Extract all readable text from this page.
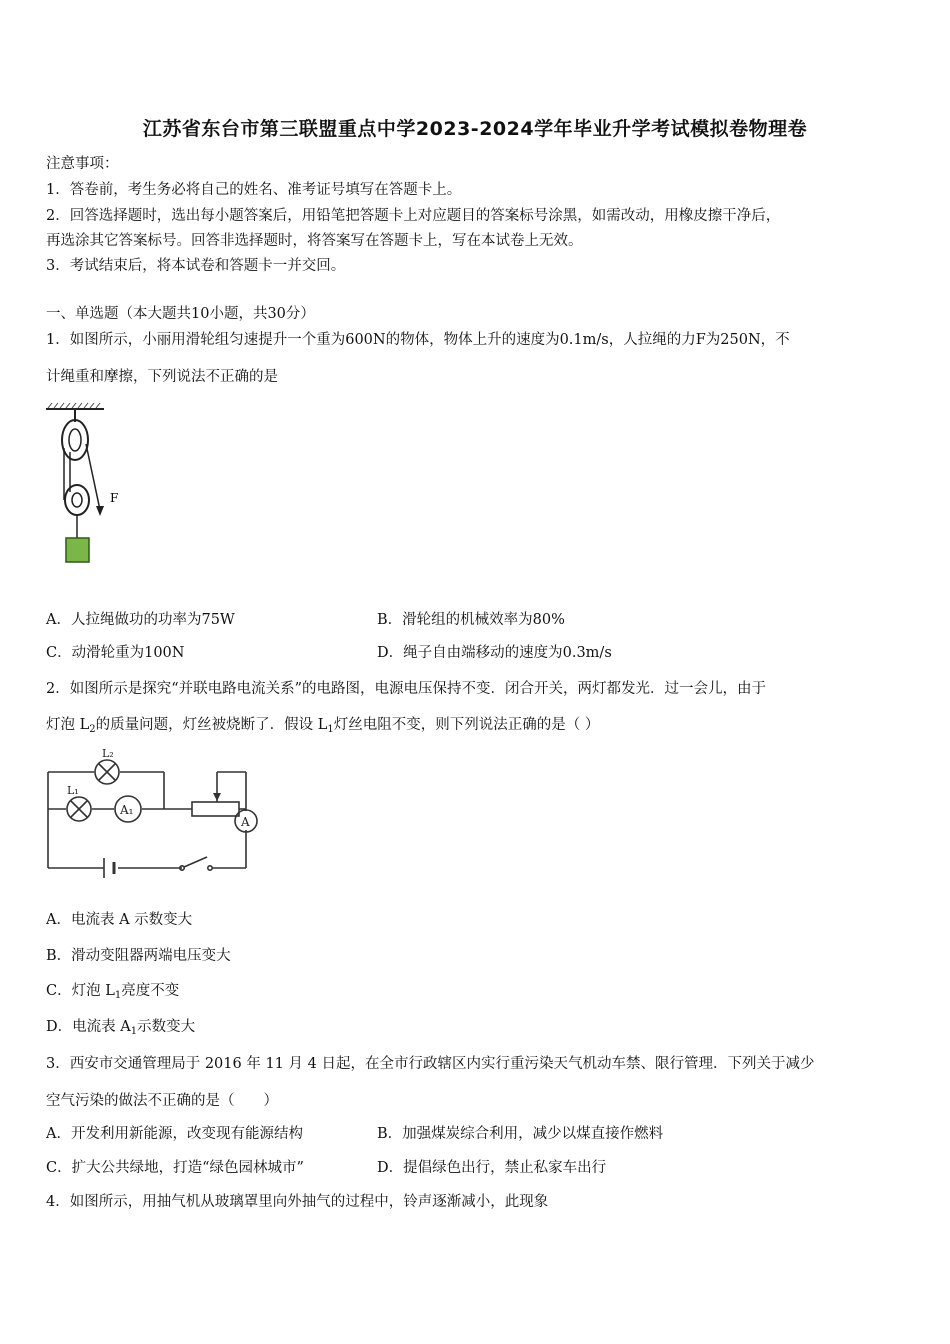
江苏省东台市第三联盟重点中学2023-2024学年毕业升学考试模拟卷物理卷
注意事项：
1．答卷前，考生务必将自己的姓名、准考证号填写在答题卡上。
2．回答选择题时，选出每小题答案后，用铅笔把答题卡上对应题目的答案标号涂黑，如需改动，用橡皮擦干净后，
再选涂其它答案标号。回答非选择题时，将答案写在答题卡上，写在本试卷上无效。
3．考试结束后，将本试卷和答题卡一并交回。
一、单选题（本大题共10小题，共30分）
1．如图所示，小丽用滑轮组匀速提升一个重为600N的物体，物体上升的速度为0.1m/s，人拉绳的力F为250N，不
计绳重和摩擦，下列说法不正确的是
F
A．人拉绳做功的功率为75W	B．滑轮组的机械效率为80%
C．动滑轮重为100N	D．绳子自由端移动的速度为0.3m/s
2．如图所示是探究“并联电路电流关系”的电路图，电源电压保持不变．闭合开关，两灯都发光．过一会儿，由于
灯泡 $L_2$的质量问题，灯丝被烧断了．假设 $L_1$灯丝电阻不变，则下列说法正确的是（ ）
L₂
L₁
A₁
A
A．电流表 A 示数变大
B．滑动变阻器两端电压变大
C．灯泡 $L_1$亮度不变
D．电流表 $A_1$示数变大
3．西安市交通管理局于 2016 年 11 月 4 日起，在全市行政辖区内实行重污染天气机动车禁、限行管理．下列关于减少
空气污染的做法不正确的是（　　）
A．开发利用新能源，改变现有能源结构	B．加强煤炭综合利用，减少以煤直接作燃料
C．扩大公共绿地，打造“绿色园林城市”	D．提倡绿色出行，禁止私家车出行
4．如图所示，用抽气机从玻璃罩里向外抽气的过程中，铃声逐渐减小，此现象
